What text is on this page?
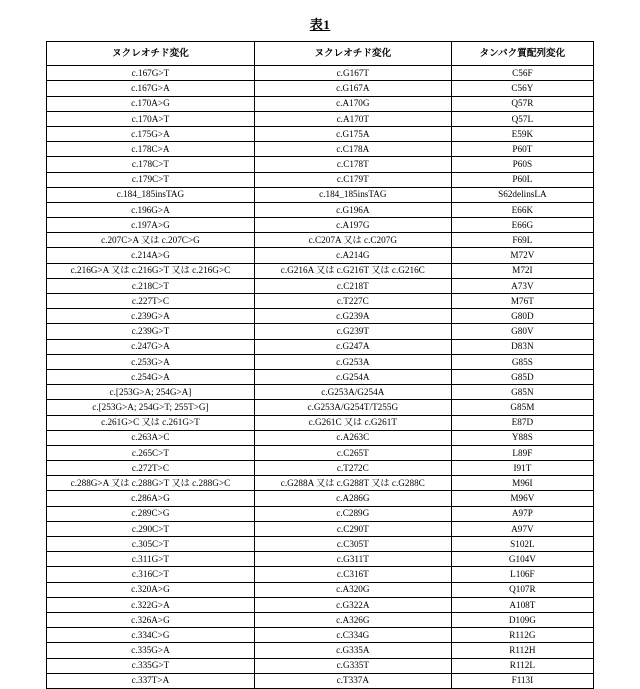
表1
ヌクレオチド変化	ヌクレオチド変化	タンパク質配列変化
c.167G>T	c.G167T	C56F
c.167G>A	c.G167A	C56Y
c.170A>G	c.A170G	Q57R
c.170A>T	c.A170T	Q57L
c.175G>A	c.G175A	E59K
c.178C>A	c.C178A	P60T
c.178C>T	c.C178T	P60S
c.179C>T	c.C179T	P60L
c.184_185insTAG	c.184_185insTAG	S62delinsLA
c.196G>A	c.G196A	E66K
c.197A>G	c.A197G	E66G
c.207C>A 又は c.207C>G	c.C207A 又は c.C207G	F69L
c.214A>G	c.A214G	M72V
c.216G>A 又は c.216G>T 又は c.216G>C	c.G216A 又は c.G216T 又は c.G216C	M72I
c.218C>T	c.C218T	A73V
c.227T>C	c.T227C	M76T
c.239G>A	c.G239A	G80D
c.239G>T	c.G239T	G80V
c.247G>A	c.G247A	D83N
c.253G>A	c.G253A	G85S
c.254G>A	c.G254A	G85D
c.[253G>A; 254G>A]	c.G253A/G254A	G85N
c.[253G>A; 254G>T; 255T>G]	c.G253A/G254T/T255G	G85M
c.261G>C 又は c.261G>T	c.G261C 又は c.G261T	E87D
c.263A>C	c.A263C	Y88S
c.265C>T	c.C265T	L89F
c.272T>C	c.T272C	I91T
c.288G>A 又は c.288G>T 又は c.288G>C	c.G288A 又は c.G288T 又は c.G288C	M96I
c.286A>G	c.A286G	M96V
c.289C>G	c.C289G	A97P
c.290C>T	c.C290T	A97V
c.305C>T	c.C305T	S102L
c.311G>T	c.G311T	G104V
c.316C>T	c.C316T	L106F
c.320A>G	c.A320G	Q107R
c.322G>A	c.G322A	A108T
c.326A>G	c.A326G	D109G
c.334C>G	c.C334G	R112G
c.335G>A	c.G335A	R112H
c.335G>T	c.G335T	R112L
c.337T>A	c.T337A	F113I
